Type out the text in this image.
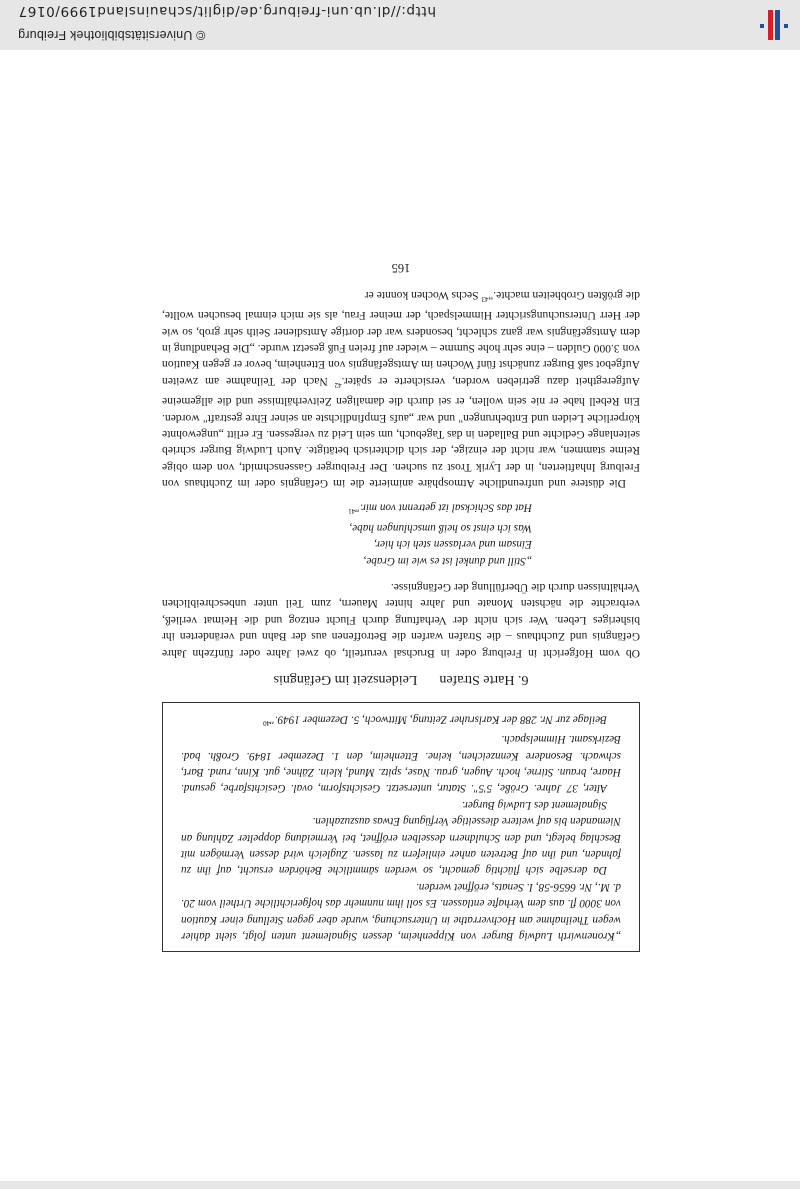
„Kronenwirth Ludwig Burger von Kippenheim, dessen Signalement unten folgt, sieht dahier wegen Theilnahme am Hochverrathe in Untersuchung, wurde aber gegen Stellung einer Kaution von 3000 fl. aus dem Verhafte entlassen. Es soll ihm nunmehr das hofgerichtliche Urtheil vom 20. d. M., Nr. 6656-58, I. Senats, eröffnet werden.

Da derselbe sich flüchtig gemacht, so werden sämmtliche Behörden ersucht, auf ihn zu fahnden, und ihn auf Betreten anher einliefern zu lassen. Zugleich wird dessen Vermögen mit Beschlag belegt, und den Schuldnern desselben eröffnet, bei Vermeidung doppelter Zahlung an Niemanden bis auf weitere diesseitige Verfügung Etwas auszuzahlen.

Signalement des Ludwig Burger.

Alter, 37 Jahre. Größe, 5'5". Statur, untersetzt. Gesichtsform, oval. Gesichtsfarbe, gesund. Haare, braun. Stirne, hoch. Augen, grau. Nase, spitz. Mund, klein. Zähne, gut. Kinn, rund. Bart, schwach. Besondere Kennzeichen, keine. Ettenheim, den 1. Dezember 1849. Großh. bad. Bezirksamt. Himmelspach.

Beilage zur Nr. 288 der Karlsruher Zeitung, Mittwoch, 5. Dezember 1949."$^{40}$

6. Harte StrafenLeidenszeit im Gefängnis

Ob vom Hofgericht in Freiburg oder in Bruchsal verurteilt, ob zwei Jahre oder fünfzehn Jahre Gefängnis und Zuchthaus – die Strafen warfen die Betroffenen aus der Bahn und veränderten ihr bisheriges Leben. Wer sich nicht der Verhaftung durch Flucht entzog und die Heimat verließ, verbrachte die nächsten Monate und Jahre hinter Mauern, zum Teil unter unbeschreiblichen Verhältnissen durch die Überfüllung der Gefängnisse.

„Still und dunkel ist es wie im Grabe,
Einsam und verlassen steh ich hier,
Was ich einst so heiß umschlungen habe,
Hat das Schicksal izt getrennt von mir."$^{41}$

Die düstere und unfreundliche Atmosphäre animierte die im Gefängnis oder im Zuchthaus von Freiburg Inhaftierten, in der Lyrik Trost zu suchen. Der Freiburger Gassenschmidt, von dem obige Reime stammen, war nicht der einzige, der sich dichterisch betätigte. Auch Ludwig Burger schrieb seitenlange Gedichte und Balladen in das Tagebuch, um sein Leid zu vergessen. Er erlitt „ungewohnte körperliche Leiden und Entbehrungen" und war „aufs Empfindlichste an seiner Ehre gestraft" worden. Ein Rebell habe er nie sein wollen, er sei durch die damaligen Zeitverhältnisse und die allgemeine Aufgeregtheit dazu getrieben worden, versicherte er später.$^{42}$ Nach der Teilnahme am zweiten Aufgebot saß Burger zunächst fünf Wochen im Amtsgefängnis von Ettenheim, bevor er gegen Kaution von 3.000 Gulden – eine sehr hohe Summe – wieder auf freien Fuß gesetzt wurde. „Die Behandlung in dem Amtsgefängnis war ganz schlecht, besonders war der dortige Amtsdiener Seith sehr grob, so wie der Herr Untersuchungsrichter Himmelspach, der meiner Frau, als sie mich einmal besuchen wollte, die größten Grobheiten machte."$^{43}$ Sechs Wochen konnte er

165
© Universitätsbibliothek Freiburg
http://dl.ub.uni-freiburg.de/diglit/schauinsland1999/0167
